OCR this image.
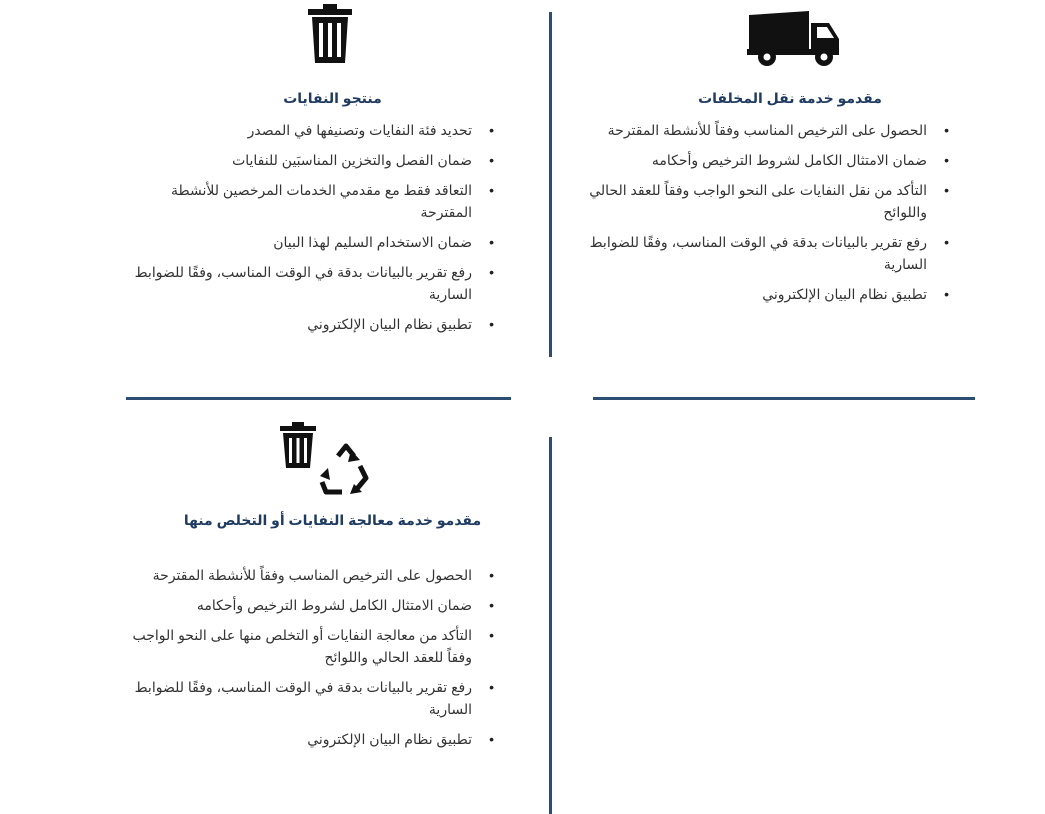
مقدمو خدمة نقل المخلفات
• الحصول على الترخيص المناسب وفقاً للأنشطة المقترحة
• ضمان الامتثال الكامل لشروط الترخيص وأحكامه
• التأكد من نقل النفايات على النحو الواجب وفقاً للعقد الحالي واللوائح
• رفع تقرير بالبيانات بدقة في الوقت المناسب، وفقًا للضوابط السارية
• تطبيق نظام البيان الإلكتروني
منتجو النفايات
• تحديد فئة النفايات وتصنيفها في المصدر
• ضمان الفصل والتخزين المناسبَين للنفايات
• التعاقد فقط مع مقدمي الخدمات المرخصين للأنشطة المقترحة
• ضمان الاستخدام السليم لهذا البيان
• رفع تقرير بالبيانات بدقة في الوقت المناسب، وفقًا للضوابط السارية
• تطبيق نظام البيان الإلكتروني
مقدمو خدمة معالجة النفايات أو التخلص منها
• الحصول على الترخيص المناسب وفقاً للأنشطة المقترحة
• ضمان الامتثال الكامل لشروط الترخيص وأحكامه
• التأكد من معالجة النفايات أو التخلص منها على النحو الواجب وفقاً للعقد الحالي واللوائح
• رفع تقرير بالبيانات بدقة في الوقت المناسب، وفقًا للضوابط السارية
• تطبيق نظام البيان الإلكتروني
